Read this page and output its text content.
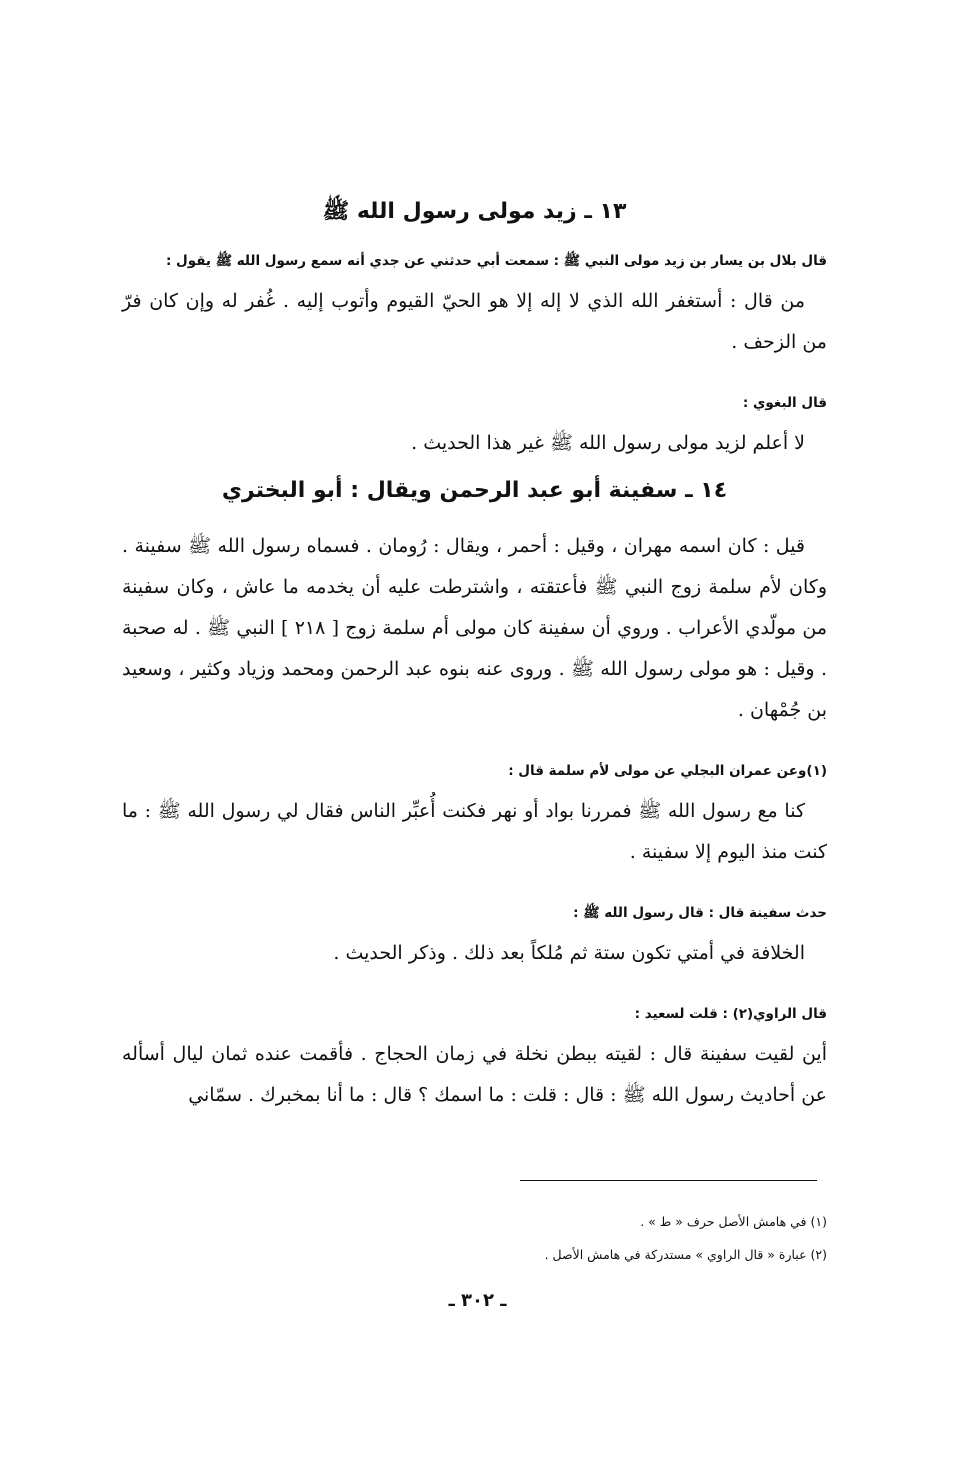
١٣ ـ زيد مولى رسول الله ﷺ

قال بلال بن يسار بن زيد مولى النبي ﷺ : سمعت أبي حدثني عن جدي أنه سمع رسول الله ﷺ يقول :

من قال : أستغفر الله الذي لا إله إلا هو الحيّ القيوم وأتوب إليه . غُفر له وإن كان فرّ من الزحف .

قال البغوي :

لا أعلم لزيد مولى رسول الله ﷺ غير هذا الحديث .

١٤ ـ سفينة أبو عبد الرحمن ويقال : أبو البختري

قيل : كان اسمه مهران ، وقيل : أحمر ، ويقال : رُومان . فسماه رسول الله ﷺ سفينة . وكان لأم سلمة زوج النبي ﷺ فأعتقته ، واشترطت عليه أن يخدمه ما عاش ، وكان سفينة من مولّدي الأعراب . وروي أن سفينة كان مولى أم سلمة زوج [ ٢١٨ ] النبي ﷺ . له صحبة . وقيل : هو مولى رسول الله ﷺ . وروى عنه بنوه عبد الرحمن ومحمد وزياد وكثير ، وسعيد بن جُمْهان .

(١)وعن عمران البجلي عن مولى لأم سلمة قال :

كنا مع رسول الله ﷺ فمررنا بواد أو نهر فكنت أُعبِّر الناس فقال لي رسول الله ﷺ : ما كنت منذ اليوم إلا سفينة .

حدث سفينة قال : قال رسول الله ﷺ :

الخلافة في أمتي تكون ستة ثم مُلكاً بعد ذلك . وذكر الحديث .

قال الراوي(٢) : قلت لسعيد :

أين لقيت سفينة قال : لقيته ببطن نخلة في زمان الحجاج . فأقمت عنده ثمان ليال أسأله عن أحاديث رسول الله ﷺ : قال : قلت : ما اسمك ؟ قال : ما أنا بمخبرك . سمّاني

(١) في هامش الأصل حرف « ط » .

(٢) عبارة « قال الراوي » مستدركة في هامش الأصل .

ـ ٣٠٢ ـ
